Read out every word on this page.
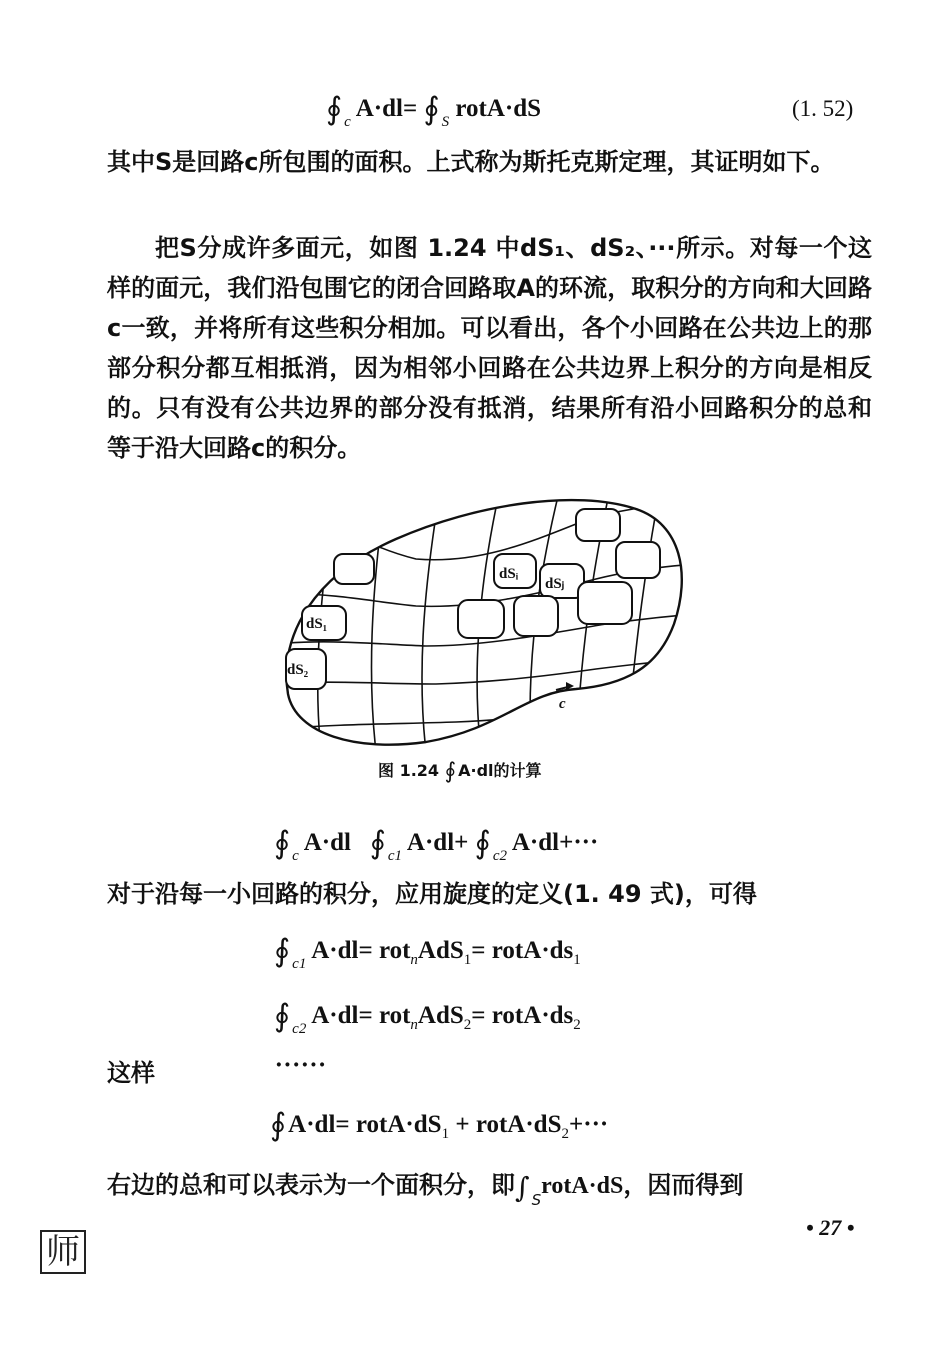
∮ $_c$ A·dl= ∮ $_S$ rotA·dS	(1. 52)

其中S是回路c所包围的面积。上式称为斯托克斯定理，其证明如下。

把S分成许多面元，如图 1.24 中dS₁、dS₂、···所示。对每一个这样的面元，我们沿包围它的闭合回路取A的环流，取积分的方向和大回路c一致，并将所有这些积分相加。可以看出，各个小回路在公共边上的那部分积分都互相抵消，因为相邻小回路在公共边界上积分的方向是相反的。只有没有公共边界的部分没有抵消，结果所有沿小回路积分的总和等于沿大回路c的积分。

dSᵢ
dSⱼ
dS₁
dS₂
c
图 1.24 ∮ A·dl的计算
∮ $_c$ A·dl ∮ $_{c1}$ A·dl+ ∮ $_{c2}$ A·dl+···

对于沿每一小回路的积分，应用旋度的定义(1. 49 式)，可得

∮ $_{c1}$ $A\cdot dl= rot_nAdS_1= rotA\cdot ds_1$
∮ $_{c2}$ $A\cdot dl= rot_nAdS_2= rotA\cdot ds_2$
这样	······
∮A·dl= $rotA\cdot dS_1$ + $rotA\cdot dS_2+\cdot\cdot\cdot$
右边的总和可以表示为一个面积分，即∫ $_S$rotA·dS，因而得到
• 27 •
师
